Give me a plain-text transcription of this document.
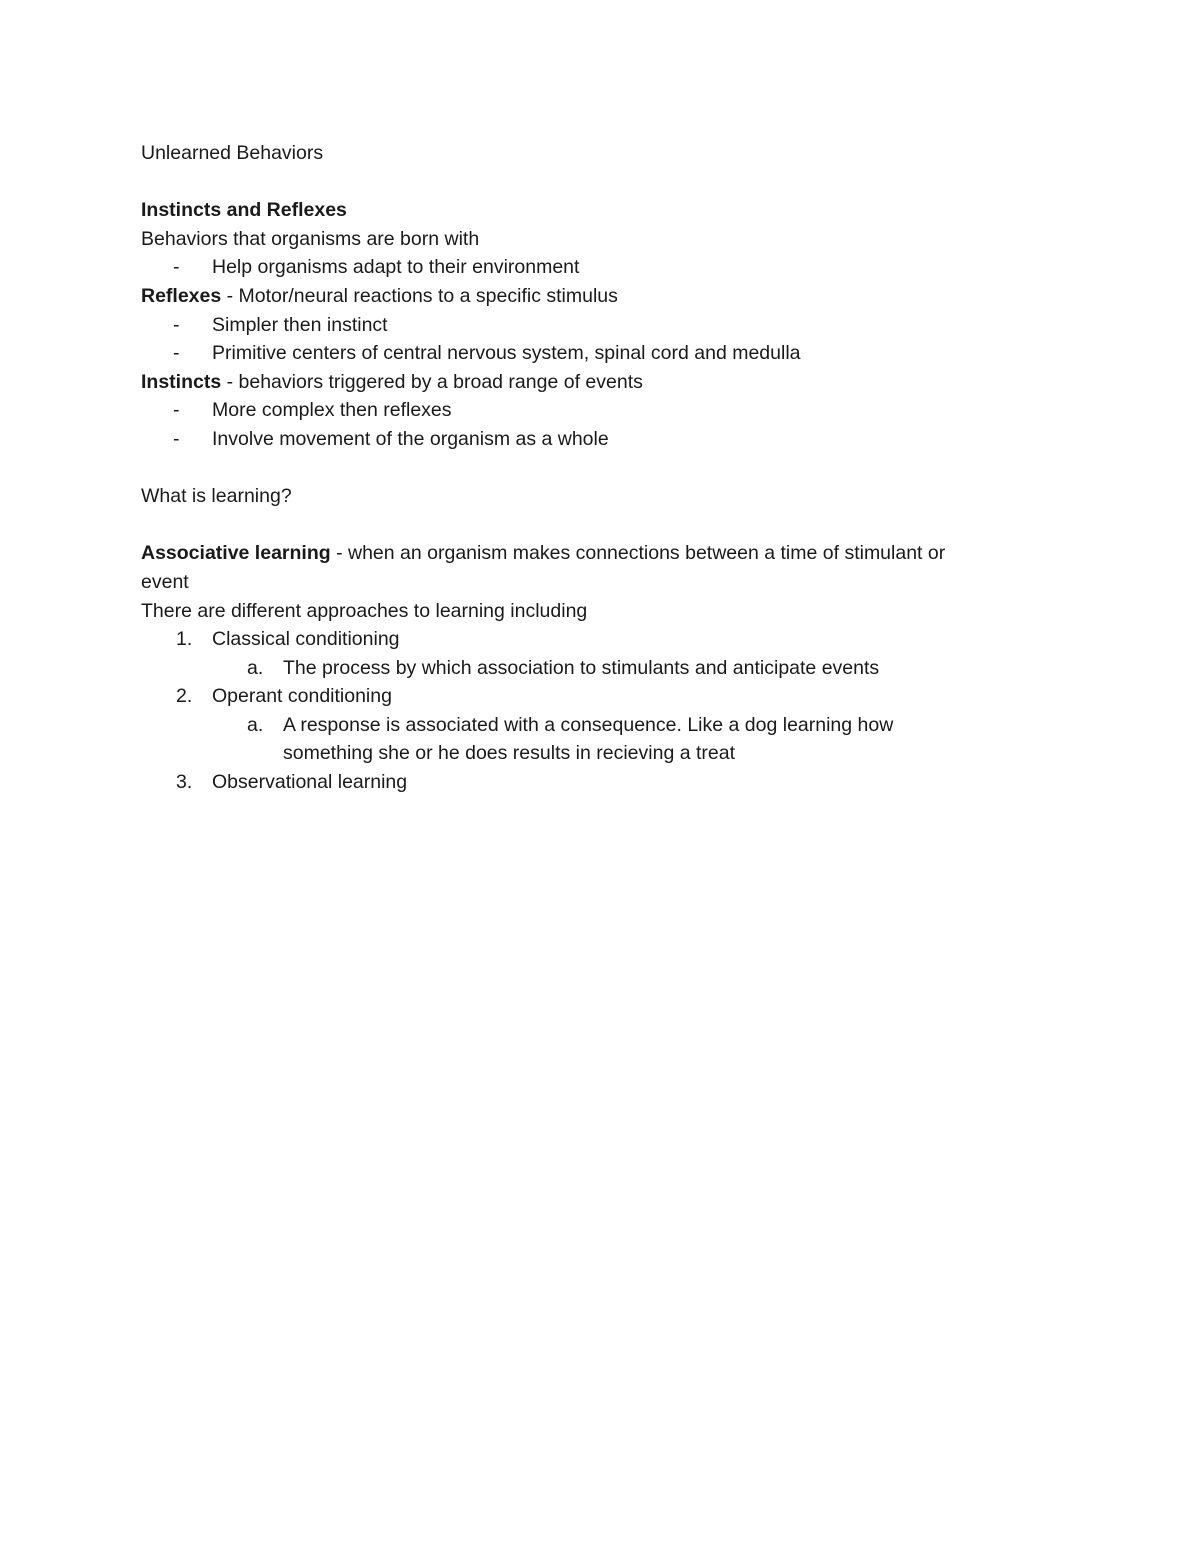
Unlearned Behaviors
Instincts and Reflexes
Behaviors that organisms are born with
- Help organisms adapt to their environment
Reflexes - Motor/neural reactions to a specific stimulus
- Simpler then instinct
- Primitive centers of central nervous system, spinal cord and medulla
Instincts - behaviors triggered by a broad range of events
- More complex then reflexes
- Involve movement of the organism as a whole
What is learning?
Associative learning - when an organism makes connections between a time of stimulant or
event
There are different approaches to learning including
1. Classical conditioning
a. The process by which association to stimulants and anticipate events
2. Operant conditioning
a. A response is associated with a consequence. Like a dog learning how
something she or he does results in recieving a treat
3. Observational learning
